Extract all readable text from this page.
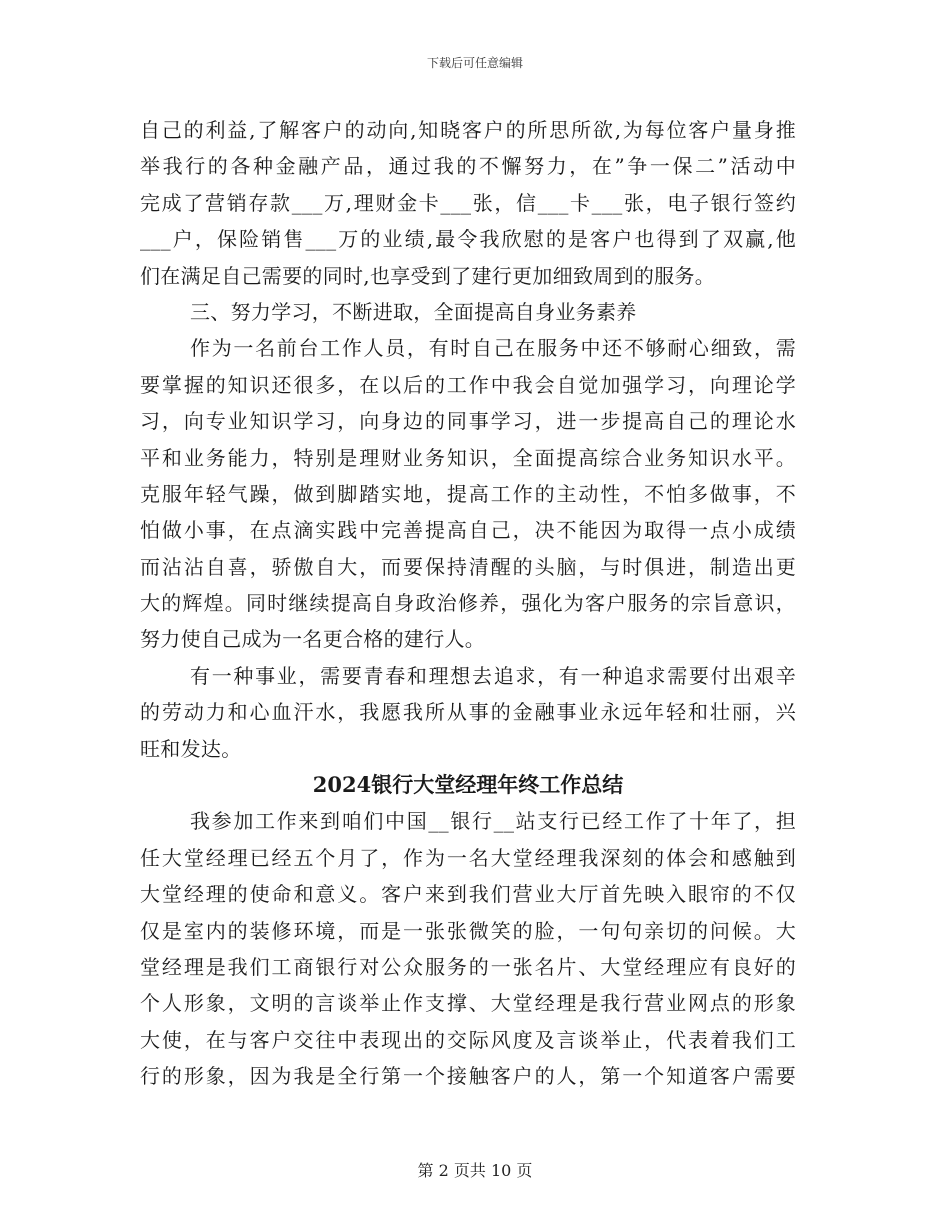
下载后可任意编辑
自己的利益,了解客户的动向,知晓客户的所思所欲,为每位客户量身推
举我行的各种金融产品，通过我的不懈努力，在”争一保二”活动中
完成了营销存款___万,理财金卡___张，信___卡___张，电子银行签约
___户，保险销售___万的业绩,最令我欣慰的是客户也得到了双赢,他
们在满足自己需要的同时,也享受到了建行更加细致周到的服务。
三、努力学习，不断进取，全面提高自身业务素养
作为一名前台工作人员，有时自己在服务中还不够耐心细致，需
要掌握的知识还很多，在以后的工作中我会自觉加强学习，向理论学
习，向专业知识学习，向身边的同事学习，进一步提高自己的理论水
平和业务能力，特别是理财业务知识，全面提高综合业务知识水平。
克服年轻气躁，做到脚踏实地，提高工作的主动性，不怕多做事，不
怕做小事，在点滴实践中完善提高自己，决不能因为取得一点小成绩
而沾沾自喜，骄傲自大，而要保持清醒的头脑，与时俱进，制造出更
大的辉煌。同时继续提高自身政治修养，强化为客户服务的宗旨意识，
努力使自己成为一名更合格的建行人。
有一种事业，需要青春和理想去追求，有一种追求需要付出艰辛
的劳动力和心血汗水，我愿我所从事的金融事业永远年轻和壮丽，兴
旺和发达。
2024银行大堂经理年终工作总结
我参加工作来到咱们中国__银行__站支行已经工作了十年了，担
任大堂经理已经五个月了，作为一名大堂经理我深刻的体会和感触到
大堂经理的使命和意义。客户来到我们营业大厅首先映入眼帘的不仅
仅是室内的装修环境，而是一张张微笑的脸，一句句亲切的问候。大
堂经理是我们工商银行对公众服务的一张名片、大堂经理应有良好的
个人形象，文明的言谈举止作支撑、大堂经理是我行营业网点的形象
大使，在与客户交往中表现出的交际风度及言谈举止，代表着我们工
行的形象，因为我是全行第一个接触客户的人，第一个知道客户需要
第 2 页共 10 页
